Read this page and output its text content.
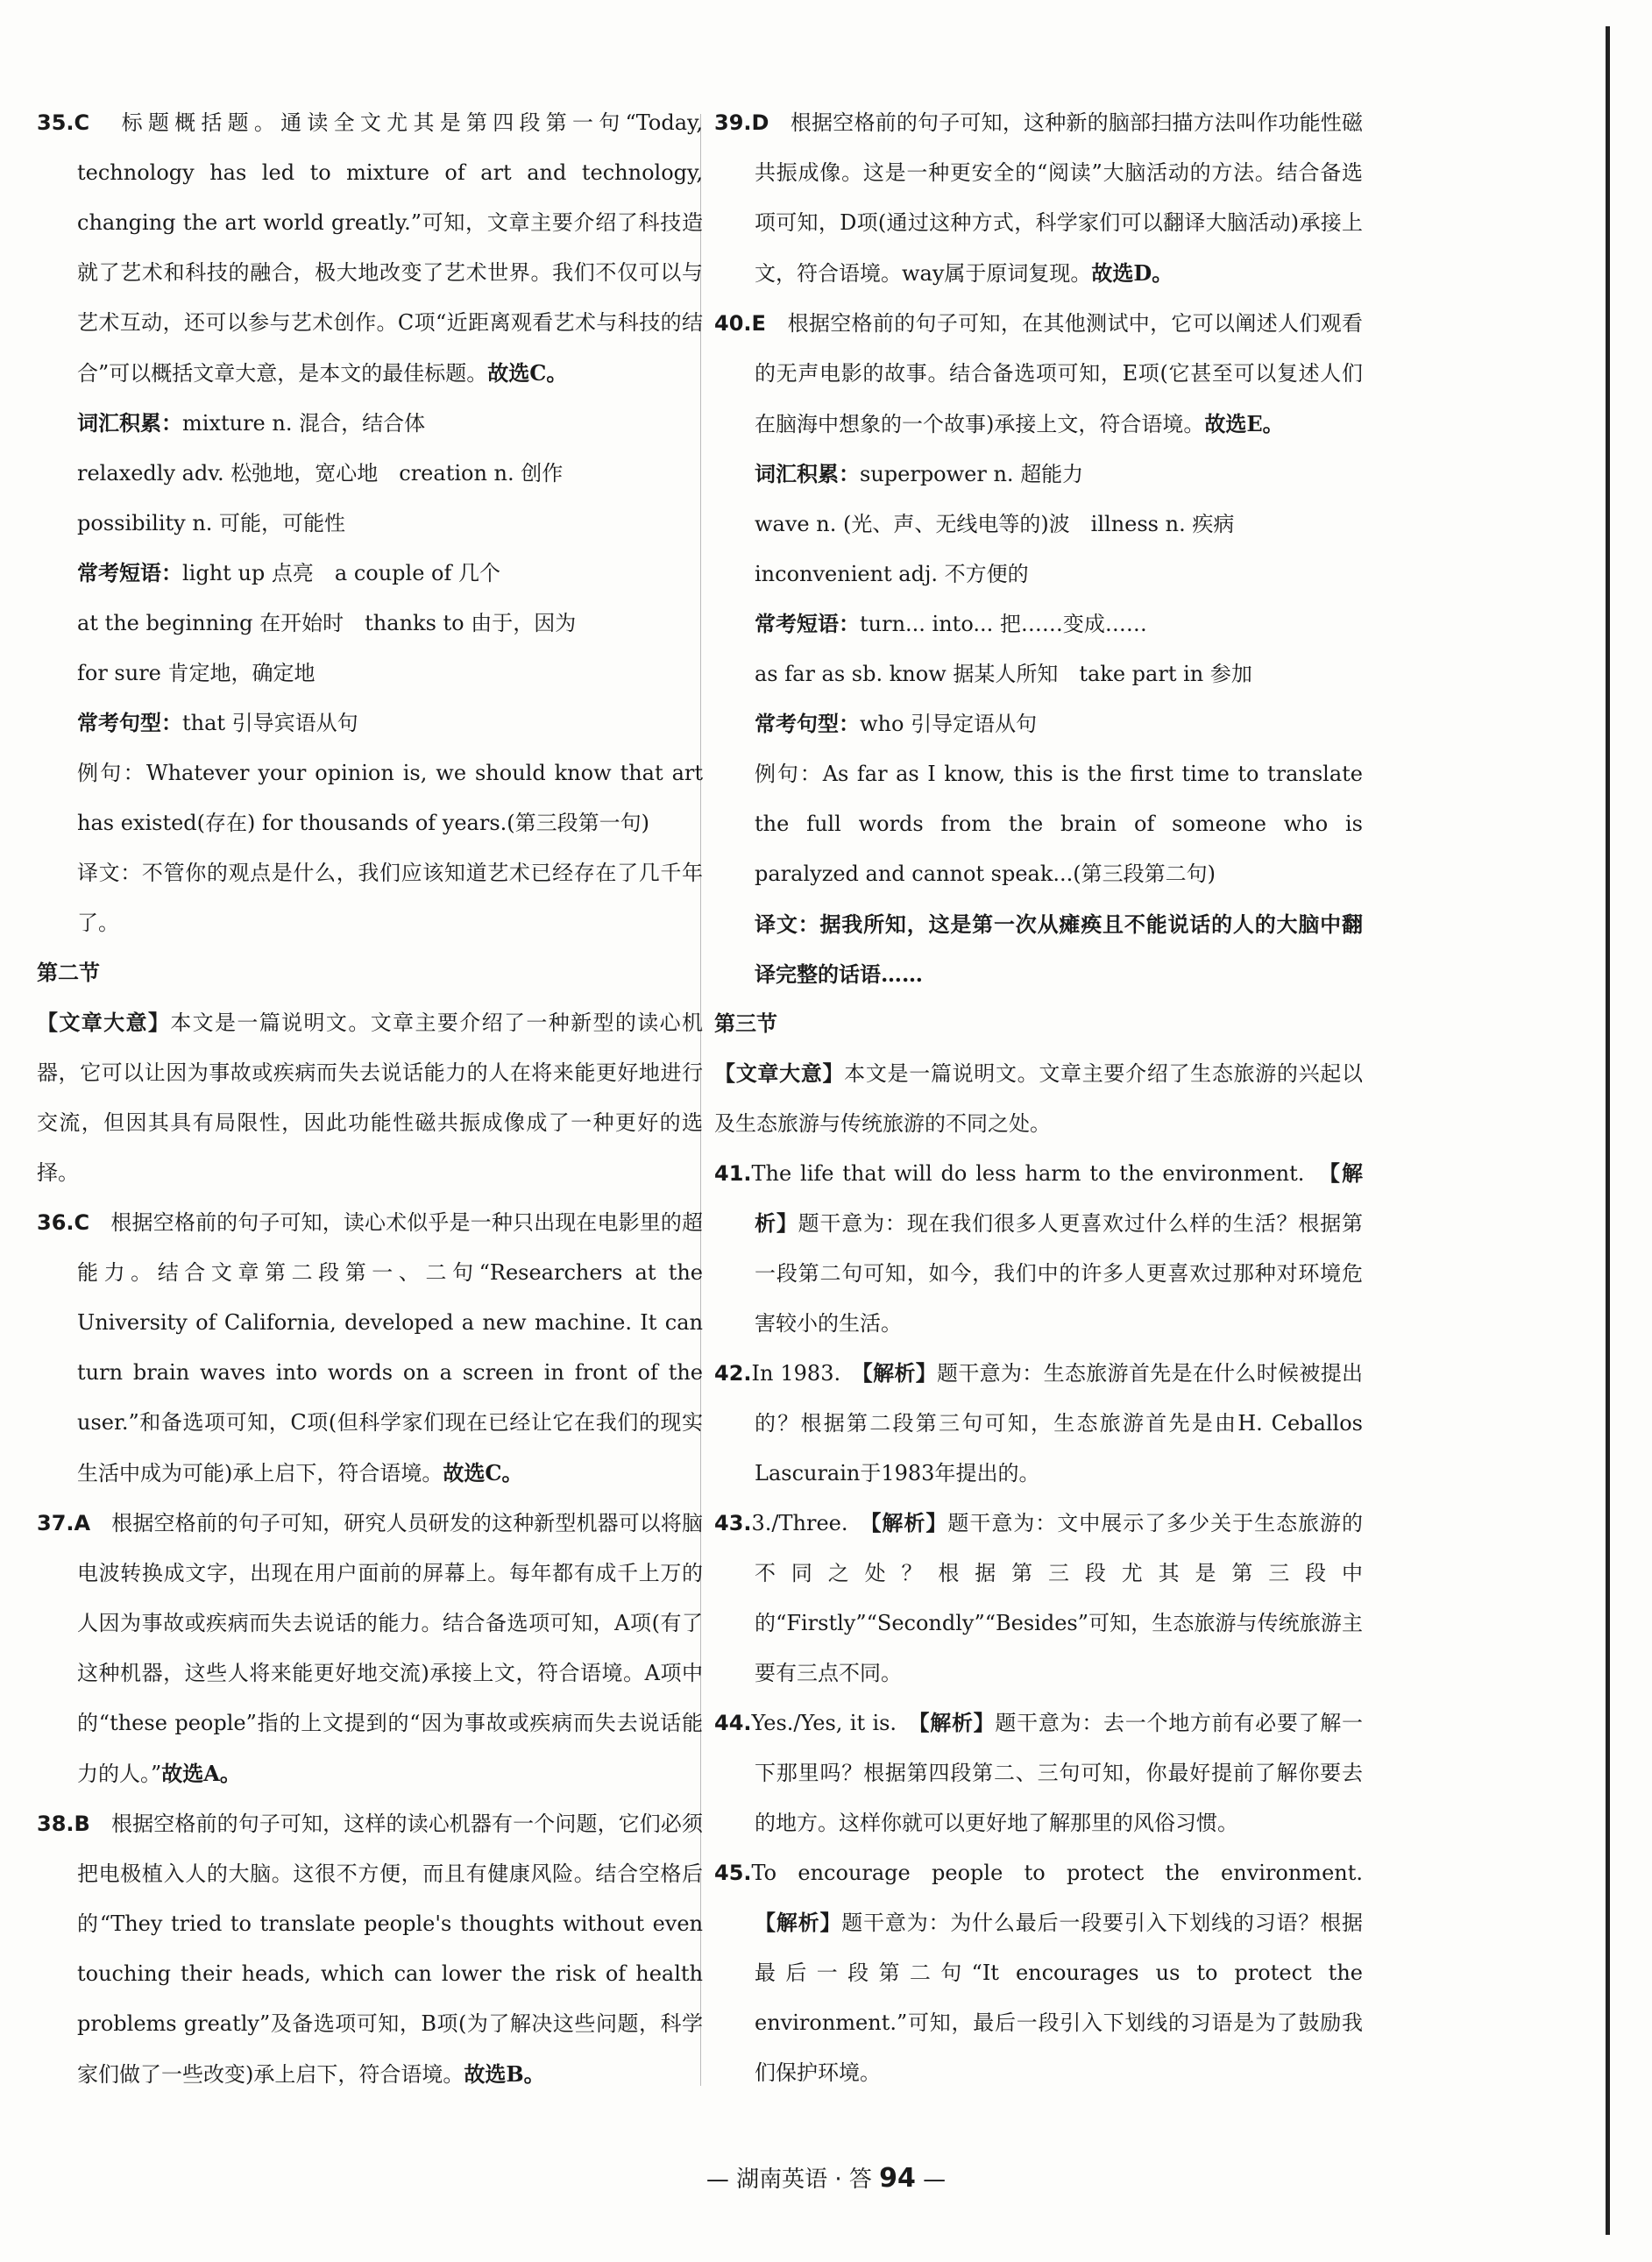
35.C　 标题概括题。通读全文尤其是第四段第一句“Today, technology has led to mixture of art and technology, changing the art world greatly.”可知，文章主要介绍了科技造就了艺术和科技的融合，极大地改变了艺术世界。我们不仅可以与艺术互动，还可以参与艺术创作。C项“近距离观看艺术与科技的结合”可以概括文章大意，是本文的最佳标题。故选C。

词汇积累：mixture n. 混合，结合体

relaxedly adv. 松弛地，宽心地　creation n. 创作

possibility n. 可能，可能性

常考短语：light up 点亮　a couple of 几个

at the beginning 在开始时　thanks to 由于，因为

for sure 肯定地，确定地

常考句型：that 引导宾语从句

例句：Whatever your opinion is, we should know that art has existed(存在) for thousands of years.(第三段第一句)

译文：不管你的观点是什么，我们应该知道艺术已经存在了几千年了。

第二节

【文章大意】本文是一篇说明文。文章主要介绍了一种新型的读心机器，它可以让因为事故或疾病而失去说话能力的人在将来能更好地进行交流，但因其具有局限性，因此功能性磁共振成像成了一种更好的选择。

36.C　 根据空格前的句子可知，读心术似乎是一种只出现在电影里的超能力。结合文章第二段第一、二句“Researchers at the University of California, developed a new machine. It can turn brain waves into words on a screen in front of the user.”和备选项可知，C项(但科学家们现在已经让它在我们的现实生活中成为可能)承上启下，符合语境。故选C。

37.A　 根据空格前的句子可知，研究人员研发的这种新型机器可以将脑电波转换成文字，出现在用户面前的屏幕上。每年都有成千上万的人因为事故或疾病而失去说话的能力。结合备选项可知，A项(有了这种机器，这些人将来能更好地交流)承接上文，符合语境。A项中的“these people”指的上文提到的“因为事故或疾病而失去说话能力的人。”故选A。

38.B　 根据空格前的句子可知，这样的读心机器有一个问题，它们必须把电极植入人的大脑。这很不方便，而且有健康风险。结合空格后的“They tried to translate people's thoughts without even touching their heads, which can lower the risk of health problems greatly”及备选项可知，B项(为了解决这些问题，科学家们做了一些改变)承上启下，符合语境。故选B。

39.D　 根据空格前的句子可知，这种新的脑部扫描方法叫作功能性磁共振成像。这是一种更安全的“阅读”大脑活动的方法。结合备选项可知，D项(通过这种方式，科学家们可以翻译大脑活动)承接上文，符合语境。way属于原词复现。故选D。

40.E　 根据空格前的句子可知，在其他测试中，它可以阐述人们观看的无声电影的故事。结合备选项可知，E项(它甚至可以复述人们在脑海中想象的一个故事)承接上文，符合语境。故选E。

词汇积累：superpower n. 超能力

wave n. (光、声、无线电等的)波　illness n. 疾病

inconvenient adj. 不方便的

常考短语：turn... into... 把……变成……

as far as sb. know 据某人所知　take part in 参加

常考句型：who 引导定语从句

例句：As far as I know, this is the first time to translate the full words from the brain of someone who is paralyzed and cannot speak...(第三段第二句)

译文：据我所知，这是第一次从瘫痪且不能说话的人的大脑中翻译完整的话语……

第三节

【文章大意】本文是一篇说明文。文章主要介绍了生态旅游的兴起以及生态旅游与传统旅游的不同之处。

41.The life that will do less harm to the environment.　 【解析】题干意为：现在我们很多人更喜欢过什么样的生活？根据第一段第二句可知，如今，我们中的许多人更喜欢过那种对环境危害较小的生活。

42.In 1983.　 【解析】题干意为：生态旅游首先是在什么时候被提出的？根据第二段第三句可知，生态旅游首先是由H. Ceballos Lascurain于1983年提出的。

43.3./Three.　 【解析】题干意为：文中展示了多少关于生态旅游的不同之处？根据第三段尤其是第三段中的“Firstly”“Secondly”“Besides”可知，生态旅游与传统旅游主要有三点不同。

44.Yes./Yes, it is.　 【解析】题干意为：去一个地方前有必要了解一下那里吗？根据第四段第二、三句可知，你最好提前了解你要去的地方。这样你就可以更好地了解那里的风俗习惯。

45.To encourage people to protect the environment.　【解析】题干意为：为什么最后一段要引入下划线的习语？根据最后一段第二句“It encourages us to protect the environment.”可知，最后一段引入下划线的习语是为了鼓励我们保护环境。

— 湖南英语 · 答 94 —
